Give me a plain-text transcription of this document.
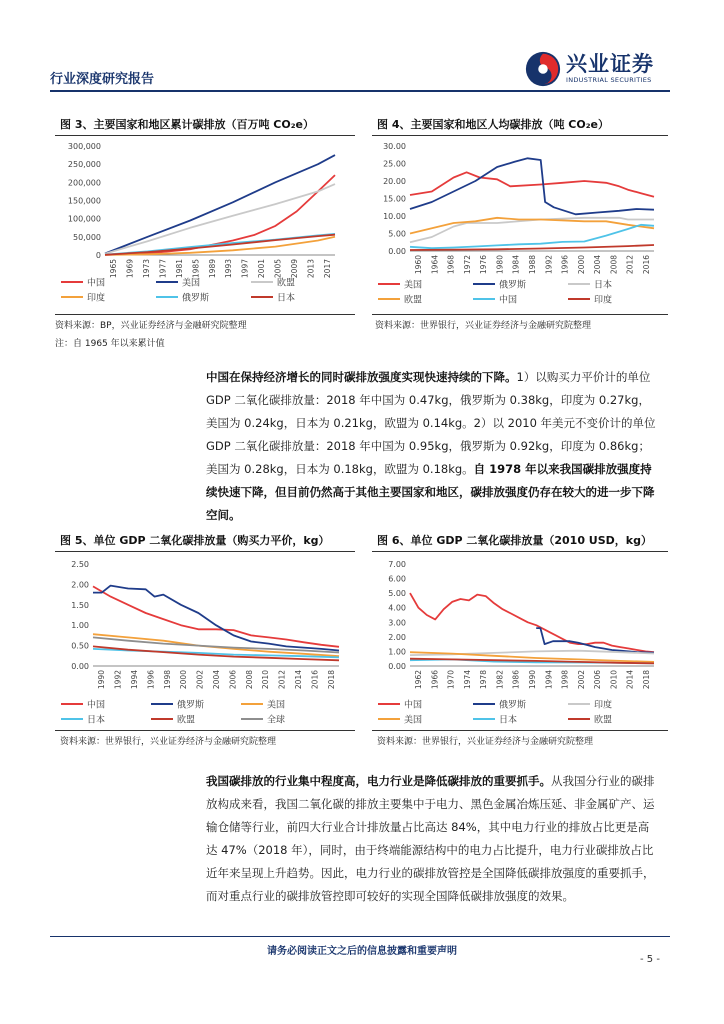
行业深度研究报告
兴业证券
INDUSTRIAL SECURITIES
图 3、主要国家和地区累计碳排放（百万吨 CO₂e）
300,000
250,000
200,000
150,000
100,000
50,000
0
1965 1969 1973 1977 1981 1985 1989 1993 1997 2001 2005 2009 2013 2017
中国	美国	欧盟
印度	俄罗斯	日本
资料来源：BP，兴业证券经济与金融研究院整理
注：自 1965 年以来累计值
图 4、主要国家和地区人均碳排放（吨 CO₂e）
30.00
25.00
20.00
15.00
10.00
5.00
0.00
1960 1964 1968 1972 1976 1980 1984 1988 1992 1996 2000 2004 2008 2012 2016
美国	俄罗斯	日本
欧盟	中国	印度
资料来源：世界银行，兴业证券经济与金融研究院整理
中国在保持经济增长的同时碳排放强度实现快速持续的下降。1）以购买力平价计的单位 GDP 二氧化碳排放量：2018 年中国为 0.47kg，俄罗斯为 0.38kg，印度为 0.27kg，美国为 0.24kg，日本为 0.21kg，欧盟为 0.14kg。2）以 2010 年美元不变价计的单位 GDP 二氧化碳排放量：2018 年中国为 0.95kg，俄罗斯为 0.92kg，印度为 0.86kg；美国为 0.28kg，日本为 0.18kg，欧盟为 0.18kg。自 1978 年以来我国碳排放强度持续快速下降，但目前仍然高于其他主要国家和地区，碳排放强度仍存在较大的进一步下降空间。
图 5、单位 GDP 二氧化碳排放量（购买力平价，kg）
2.50
2.00
1.50
1.00
0.50
0.00
1990 1992 1994 1996 1998 2000 2002 2004 2006 2008 2010 2012 2014 2016 2018
中国	俄罗斯	美国
日本	欧盟	全球
资料来源：世界银行，兴业证券经济与金融研究院整理
图 6、单位 GDP 二氧化碳排放量（2010 USD，kg）
7.00
6.00
5.00
4.00
3.00
2.00
1.00
0.00
1962 1966 1970 1974 1978 1982 1986 1990 1994 1998 2002 2006 2010 2014 2018
中国	俄罗斯	印度
美国	日本	欧盟
资料来源：世界银行，兴业证券经济与金融研究院整理
我国碳排放的行业集中程度高，电力行业是降低碳排放的重要抓手。从我国分行业的碳排放构成来看，我国二氧化碳的排放主要集中于电力、黑色金属冶炼压延、非金属矿产、运输仓储等行业，前四大行业合计排放量占比高达 84%，其中电力行业的排放占比更是高达 47%（2018 年），同时，由于终端能源结构中的电力占比提升，电力行业碳排放占比近年来呈现上升趋势。因此，电力行业的碳排放管控是全国降低碳排放强度的重要抓手，而对重点行业的碳排放管控即可较好的实现全国降低碳排放强度的效果。
请务必阅读正文之后的信息披露和重要声明
- 5 -
